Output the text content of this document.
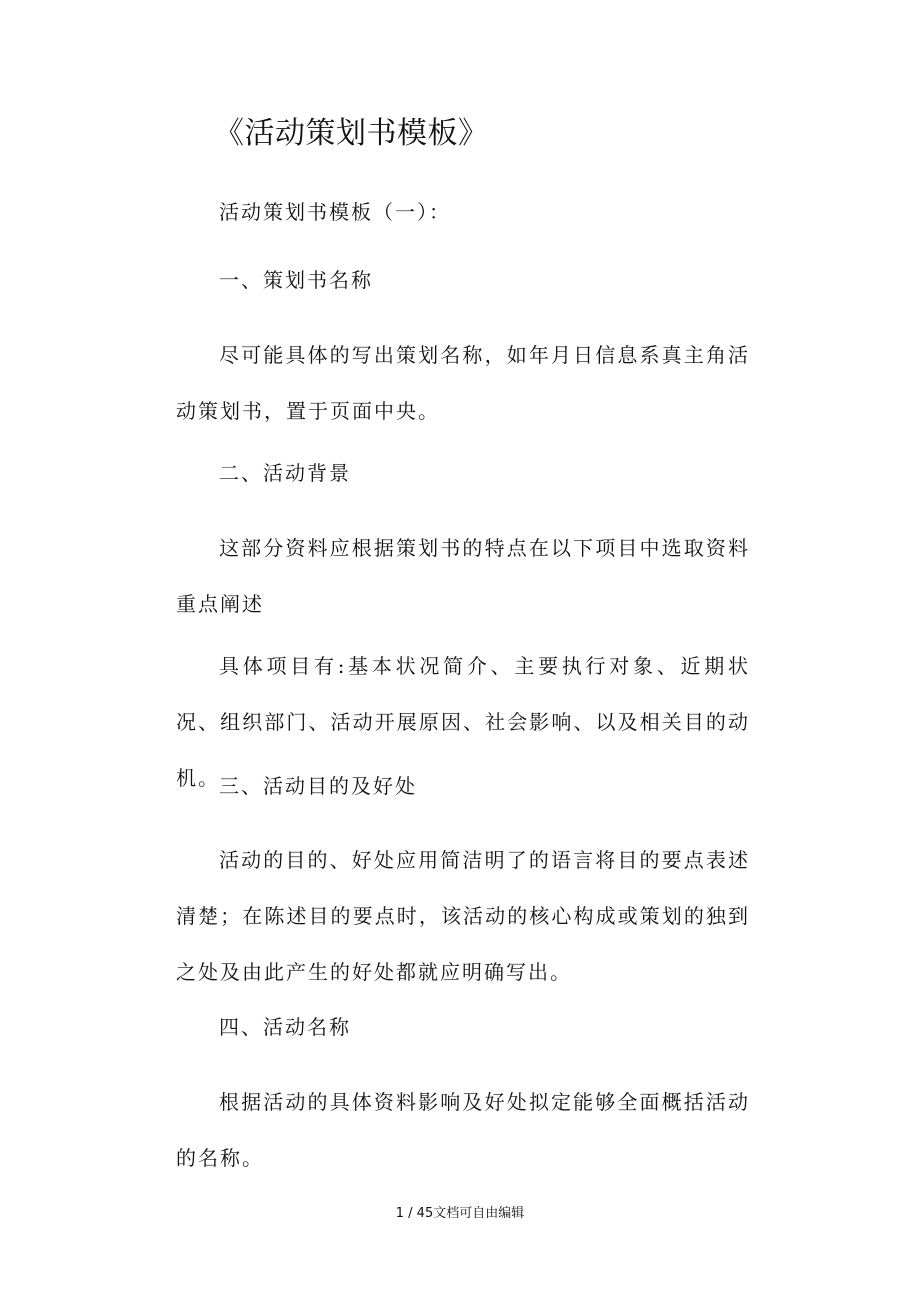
《活动策划书模板》

活动策划书模板（一）：

一、策划书名称

尽可能具体的写出策划名称，如年月日信息系真主角活动策划书，置于页面中央。

二、活动背景

这部分资料应根据策划书的特点在以下项目中选取资料重点阐述

具体项目有:基本状况简介、主要执行对象、近期状况、组织部门、活动开展原因、社会影响、以及相关目的动机。 三、活动目的及好处

活动的目的、好处应用简洁明了的语言将目的要点表述清楚；在陈述目的要点时，该活动的核心构成或策划的独到之处及由此产生的好处都就应明确写出。

四、活动名称

根据活动的具体资料影响及好处拟定能够全面概括活动的名称。

1 / 45文档可自由编辑
